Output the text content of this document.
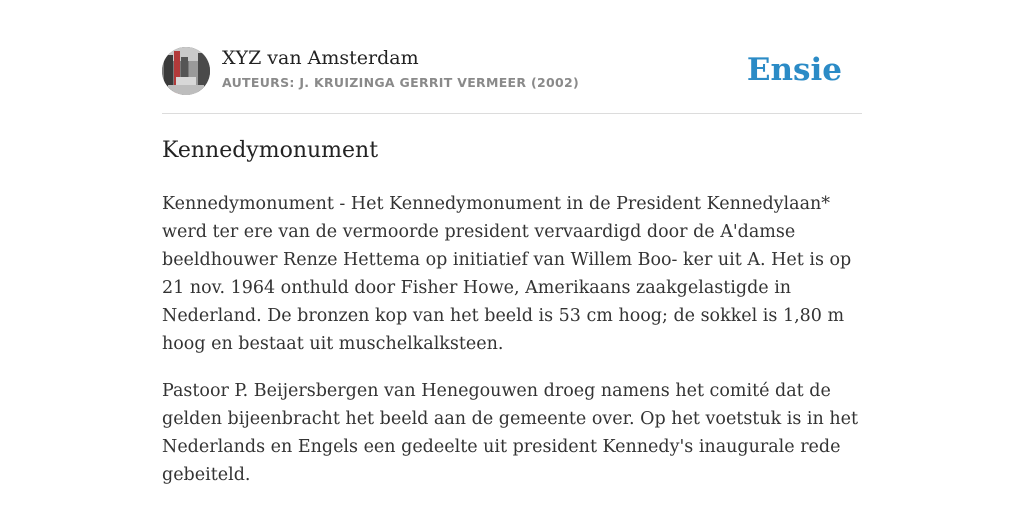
XYZ van Amsterdam
AUTEURS: J. KRUIZINGA GERRIT VERMEER (2002)	Ensie
Kennedymonument

Kennedymonument - Het Kennedymonument in de President Kennedylaan* werd ter ere van de vermoorde president vervaardigd door de A'damse beeldhouwer Renze Hettema op initiatief van Willem Boo- ker uit A. Het is op 21 nov. 1964 onthuld door Fisher Howe, Amerikaans zaakgelastigde in Nederland. De bronzen kop van het beeld is 53 cm hoog; de sokkel is 1,80 m hoog en bestaat uit muschelkalksteen.

Pastoor P. Beijersbergen van Henegouwen droeg namens het comité dat de gelden bijeenbracht het beeld aan de gemeente over. Op het voetstuk is in het Nederlands en Engels een gedeelte uit president Kennedy's inaugurale rede gebeiteld.
